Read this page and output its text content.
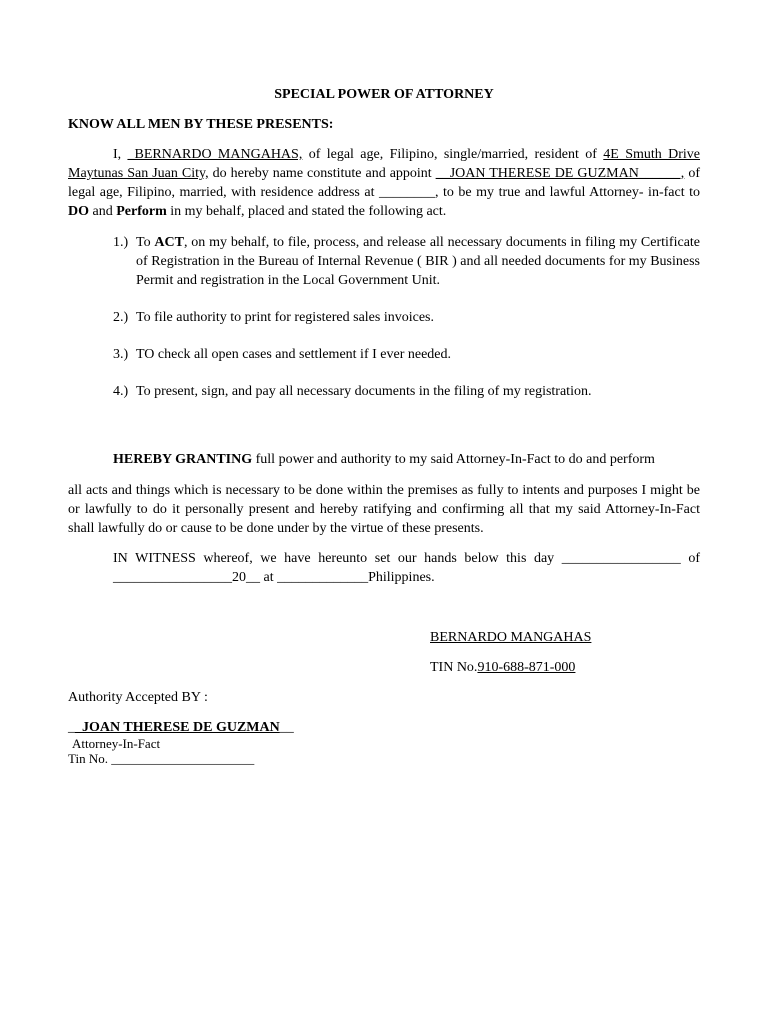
SPECIAL POWER OF ATTORNEY
KNOW ALL MEN BY THESE PRESENTS:
I, _BERNARDO MANGAHAS, of legal age, Filipino, single/married, resident of 4E Smuth Drive Maytunas San Juan City, do hereby name constitute and appoint __JOAN THERESE DE GUZMAN______, of legal age, Filipino, married, with residence address at ________, to be my true and lawful Attorney- in-fact to DO and Perform in my behalf, placed and stated the following act.
1.) To ACT, on my behalf, to file, process, and release all necessary documents in filing my Certificate of Registration in the Bureau of Internal Revenue ( BIR ) and all needed documents for my Business Permit and registration in the Local Government Unit.
2.) To file authority to print for registered sales invoices.
3.) TO check all open cases and settlement if I ever needed.
4.) To present, sign, and pay all necessary documents in the filing of my registration.
HEREBY GRANTING full power and authority to my said Attorney-In-Fact to do and perform
all acts and things which is necessary to be done within the premises as fully to intents and purposes I might be or lawfully to do it personally present and hereby ratifying and confirming all that my said Attorney-In-Fact shall lawfully do or cause to be done under by the virtue of these presents.
IN WITNESS whereof, we have hereunto set our hands below this day _________________ of _________________20__ at _____________Philippines.
BERNARDO MANGAHAS
TIN No.910-688-871-000
Authority Accepted BY :
__JOAN THERESE DE GUZMAN__
Attorney-In-Fact
Tin No. ______________________
